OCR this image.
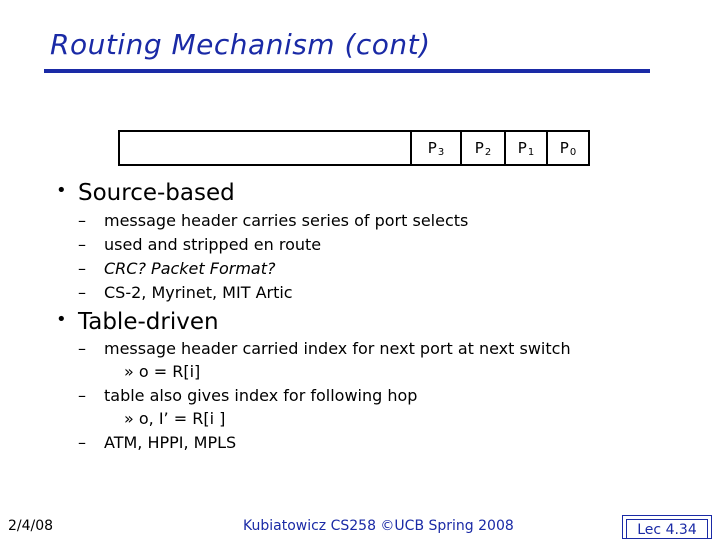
Routing Mechanism (cont)
$P_3$ $P_2$ $P_1$ $P_0$
• Source-based
– message header carries series of port selects
– used and stripped en route
– CRC? Packet Format?
– CS-2, Myrinet, MIT Artic
• Table-driven
– message header carried index for next port at next switch
» o = R[i]
– table also gives index for following hop
» o, I’ = R[i ]
– ATM, HPPI, MPLS
2/4/08	Kubiatowicz CS258 ©UCB Spring 2008	Lec 4.34
